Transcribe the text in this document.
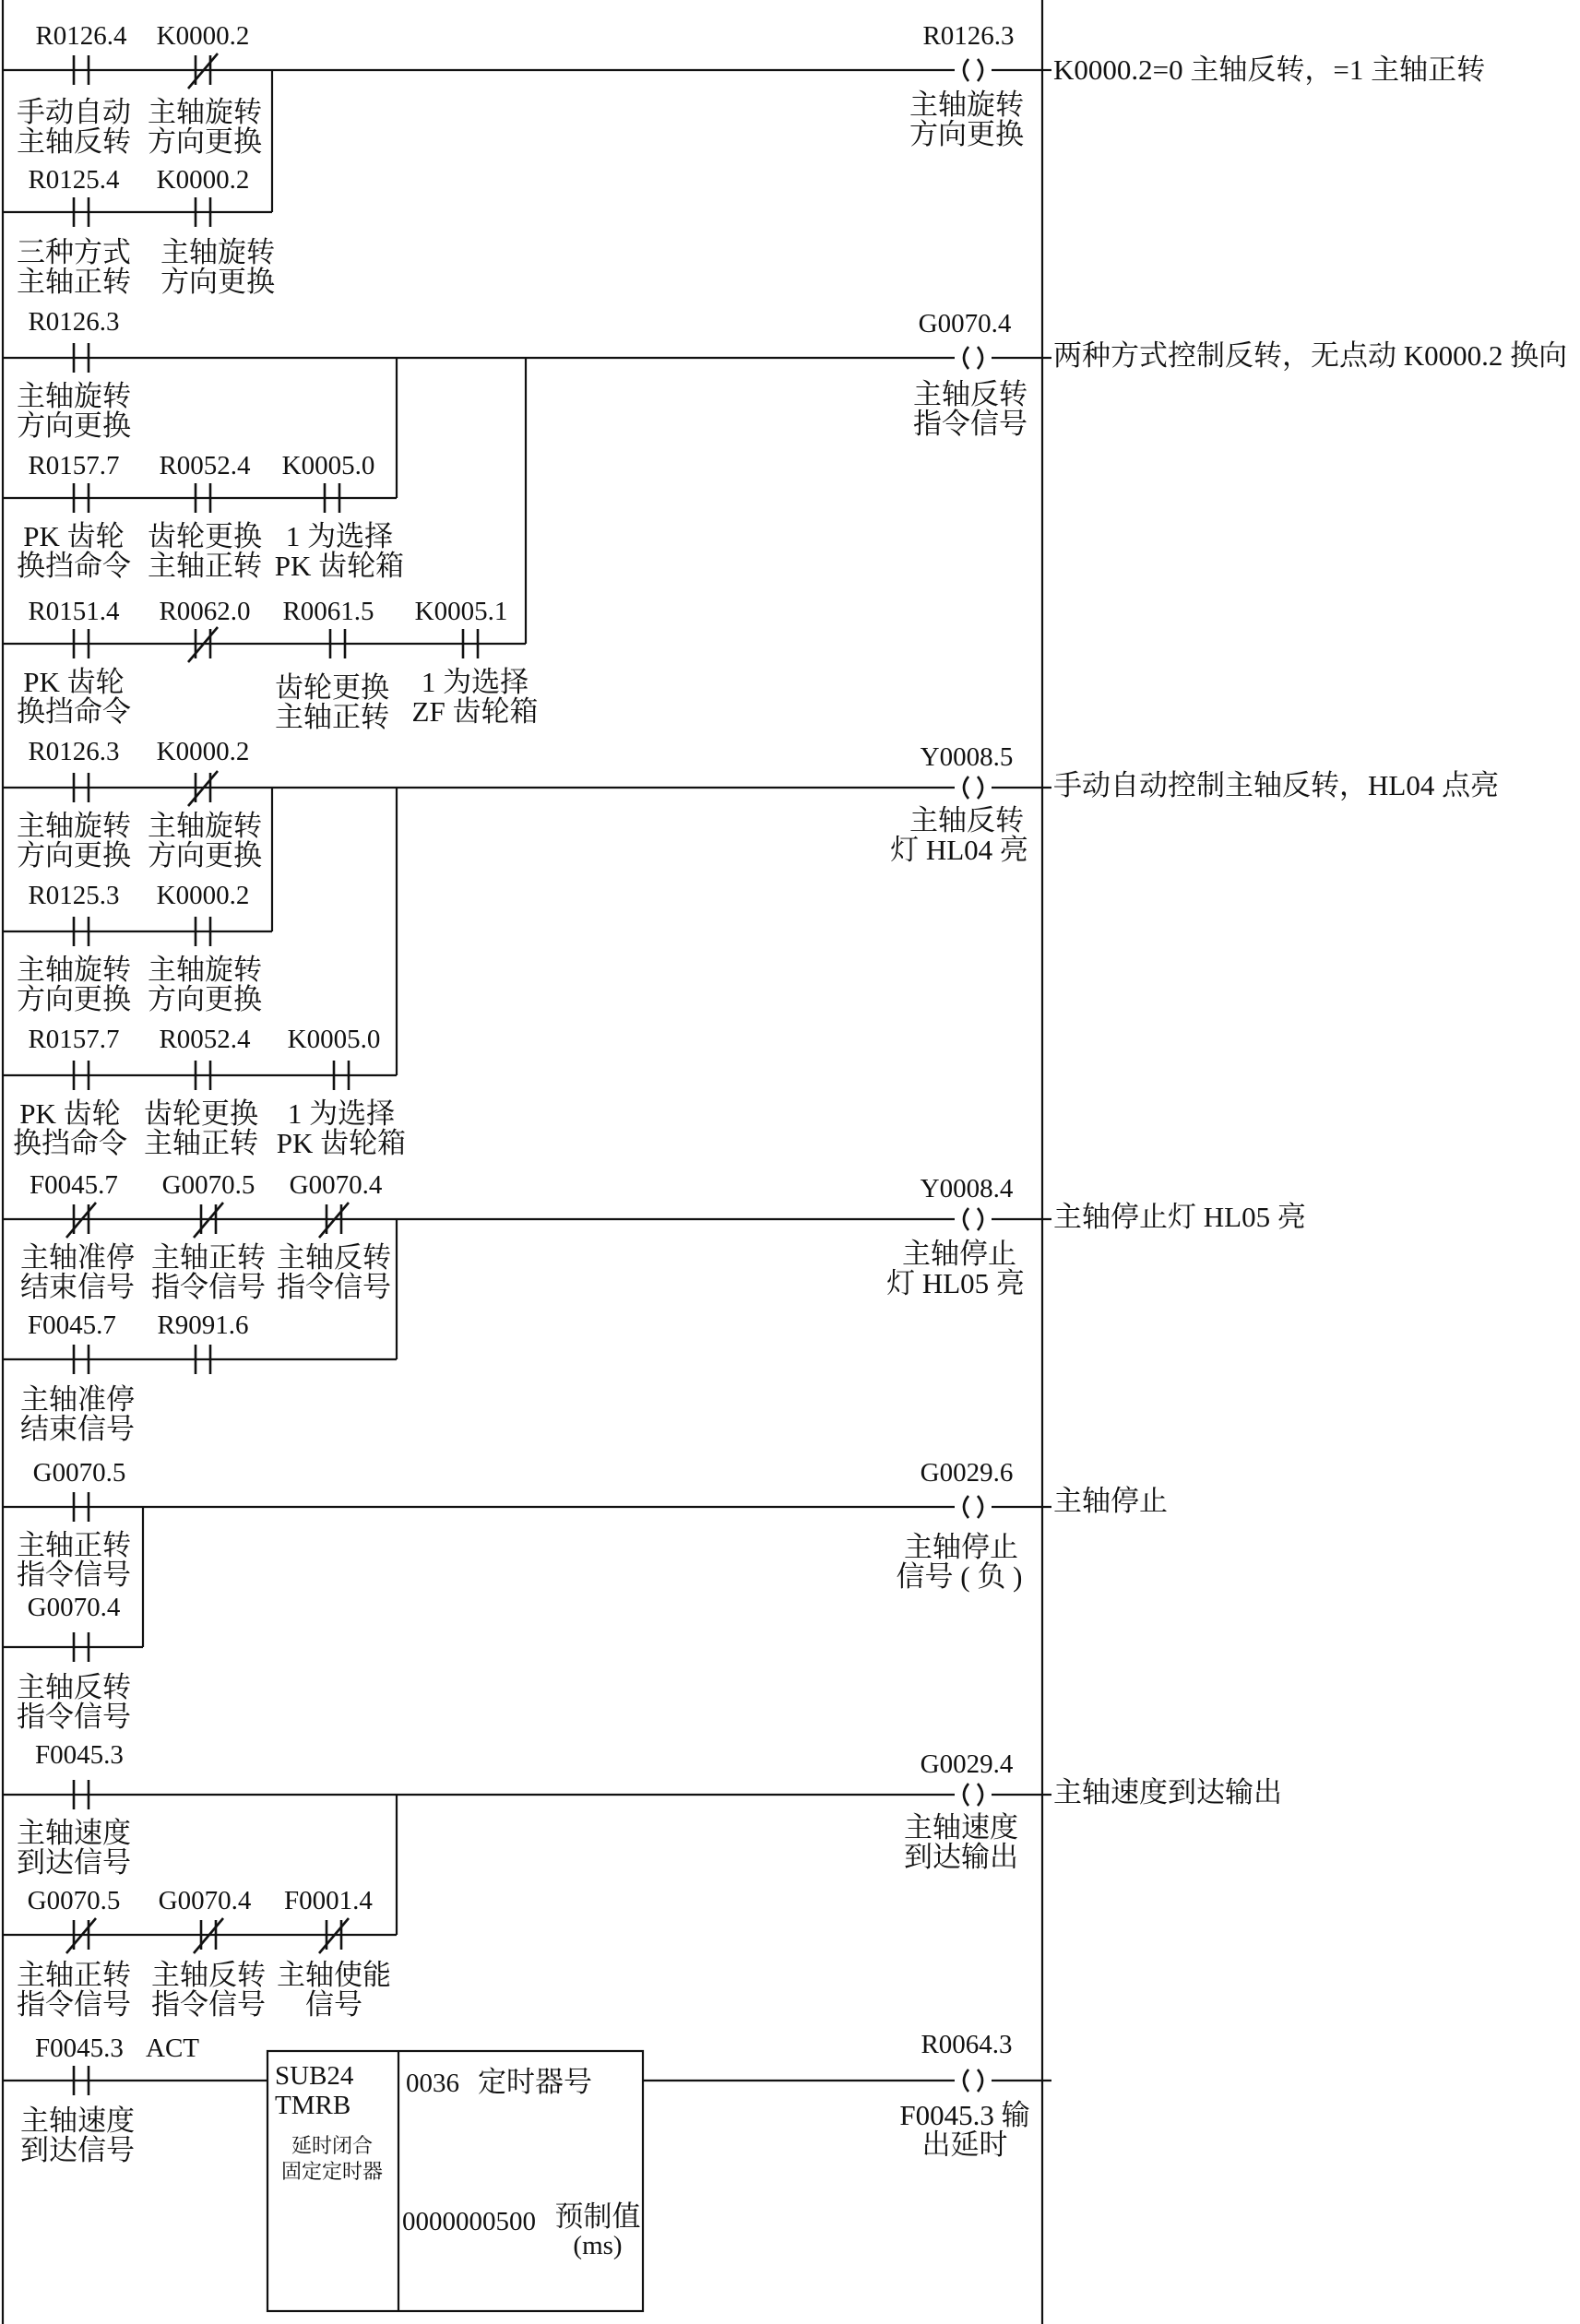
R0126.4
手动自动
主轴反转
K0000.2
主轴旋转
方向更换
R0125.4
三种方式
主轴正转
K0000.2
主轴旋转
方向更换
R0126.3
主轴旋转
方向更换
K0000.2=0 主轴反转，=1 主轴正转
R0126.3
主轴旋转
方向更换
R0157.7
PK 齿轮
换挡命令
R0052.4
齿轮更换
主轴正转
K0005.0
1 为选择
PK 齿轮箱
R0151.4
PK 齿轮
换挡命令
R0062.0 R0061.5
齿轮更换
主轴正转
K0005.1
1 为选择
ZF 齿轮箱
G0070.4
主轴反转
指令信号
两种方式控制反转，无点动 K0000.2 换向
R0126.3
主轴旋转
方向更换
K0000.2
主轴旋转
方向更换
R0125.3
主轴旋转
方向更换
K0000.2
主轴旋转
方向更换
R0157.7
PK 齿轮
换挡命令
R0052.4
齿轮更换
主轴正转
K0005.0
1 为选择
PK 齿轮箱
Y0008.5
主轴反转
灯 HL04 亮
手动自动控制主轴反转，HL04 点亮
F0045.7
主轴准停
结束信号
G0070.5
主轴正转
指令信号
G0070.4
主轴反转
指令信号
F0045.7
主轴准停
结束信号
R9091.6
Y0008.4
主轴停止
灯 HL05 亮
主轴停止灯 HL05 亮
G0070.5
主轴正转
指令信号
G0070.4
主轴反转
指令信号
G0029.6
主轴停止
信号 ( 负 )
主轴停止
F0045.3
主轴速度
到达信号
G0070.5
主轴正转
指令信号
G0070.4
主轴反转
指令信号
F0001.4
主轴使能
信号
G0029.4
主轴速度
到达输出
主轴速度到达输出
F0045.3 ACT
主轴速度
到达信号
SUB24
TMRB
延时闭合
固定定时器
0036 定时器号
0000000500 预制值
(ms)
R0064.3
F0045.3 输
出延时
